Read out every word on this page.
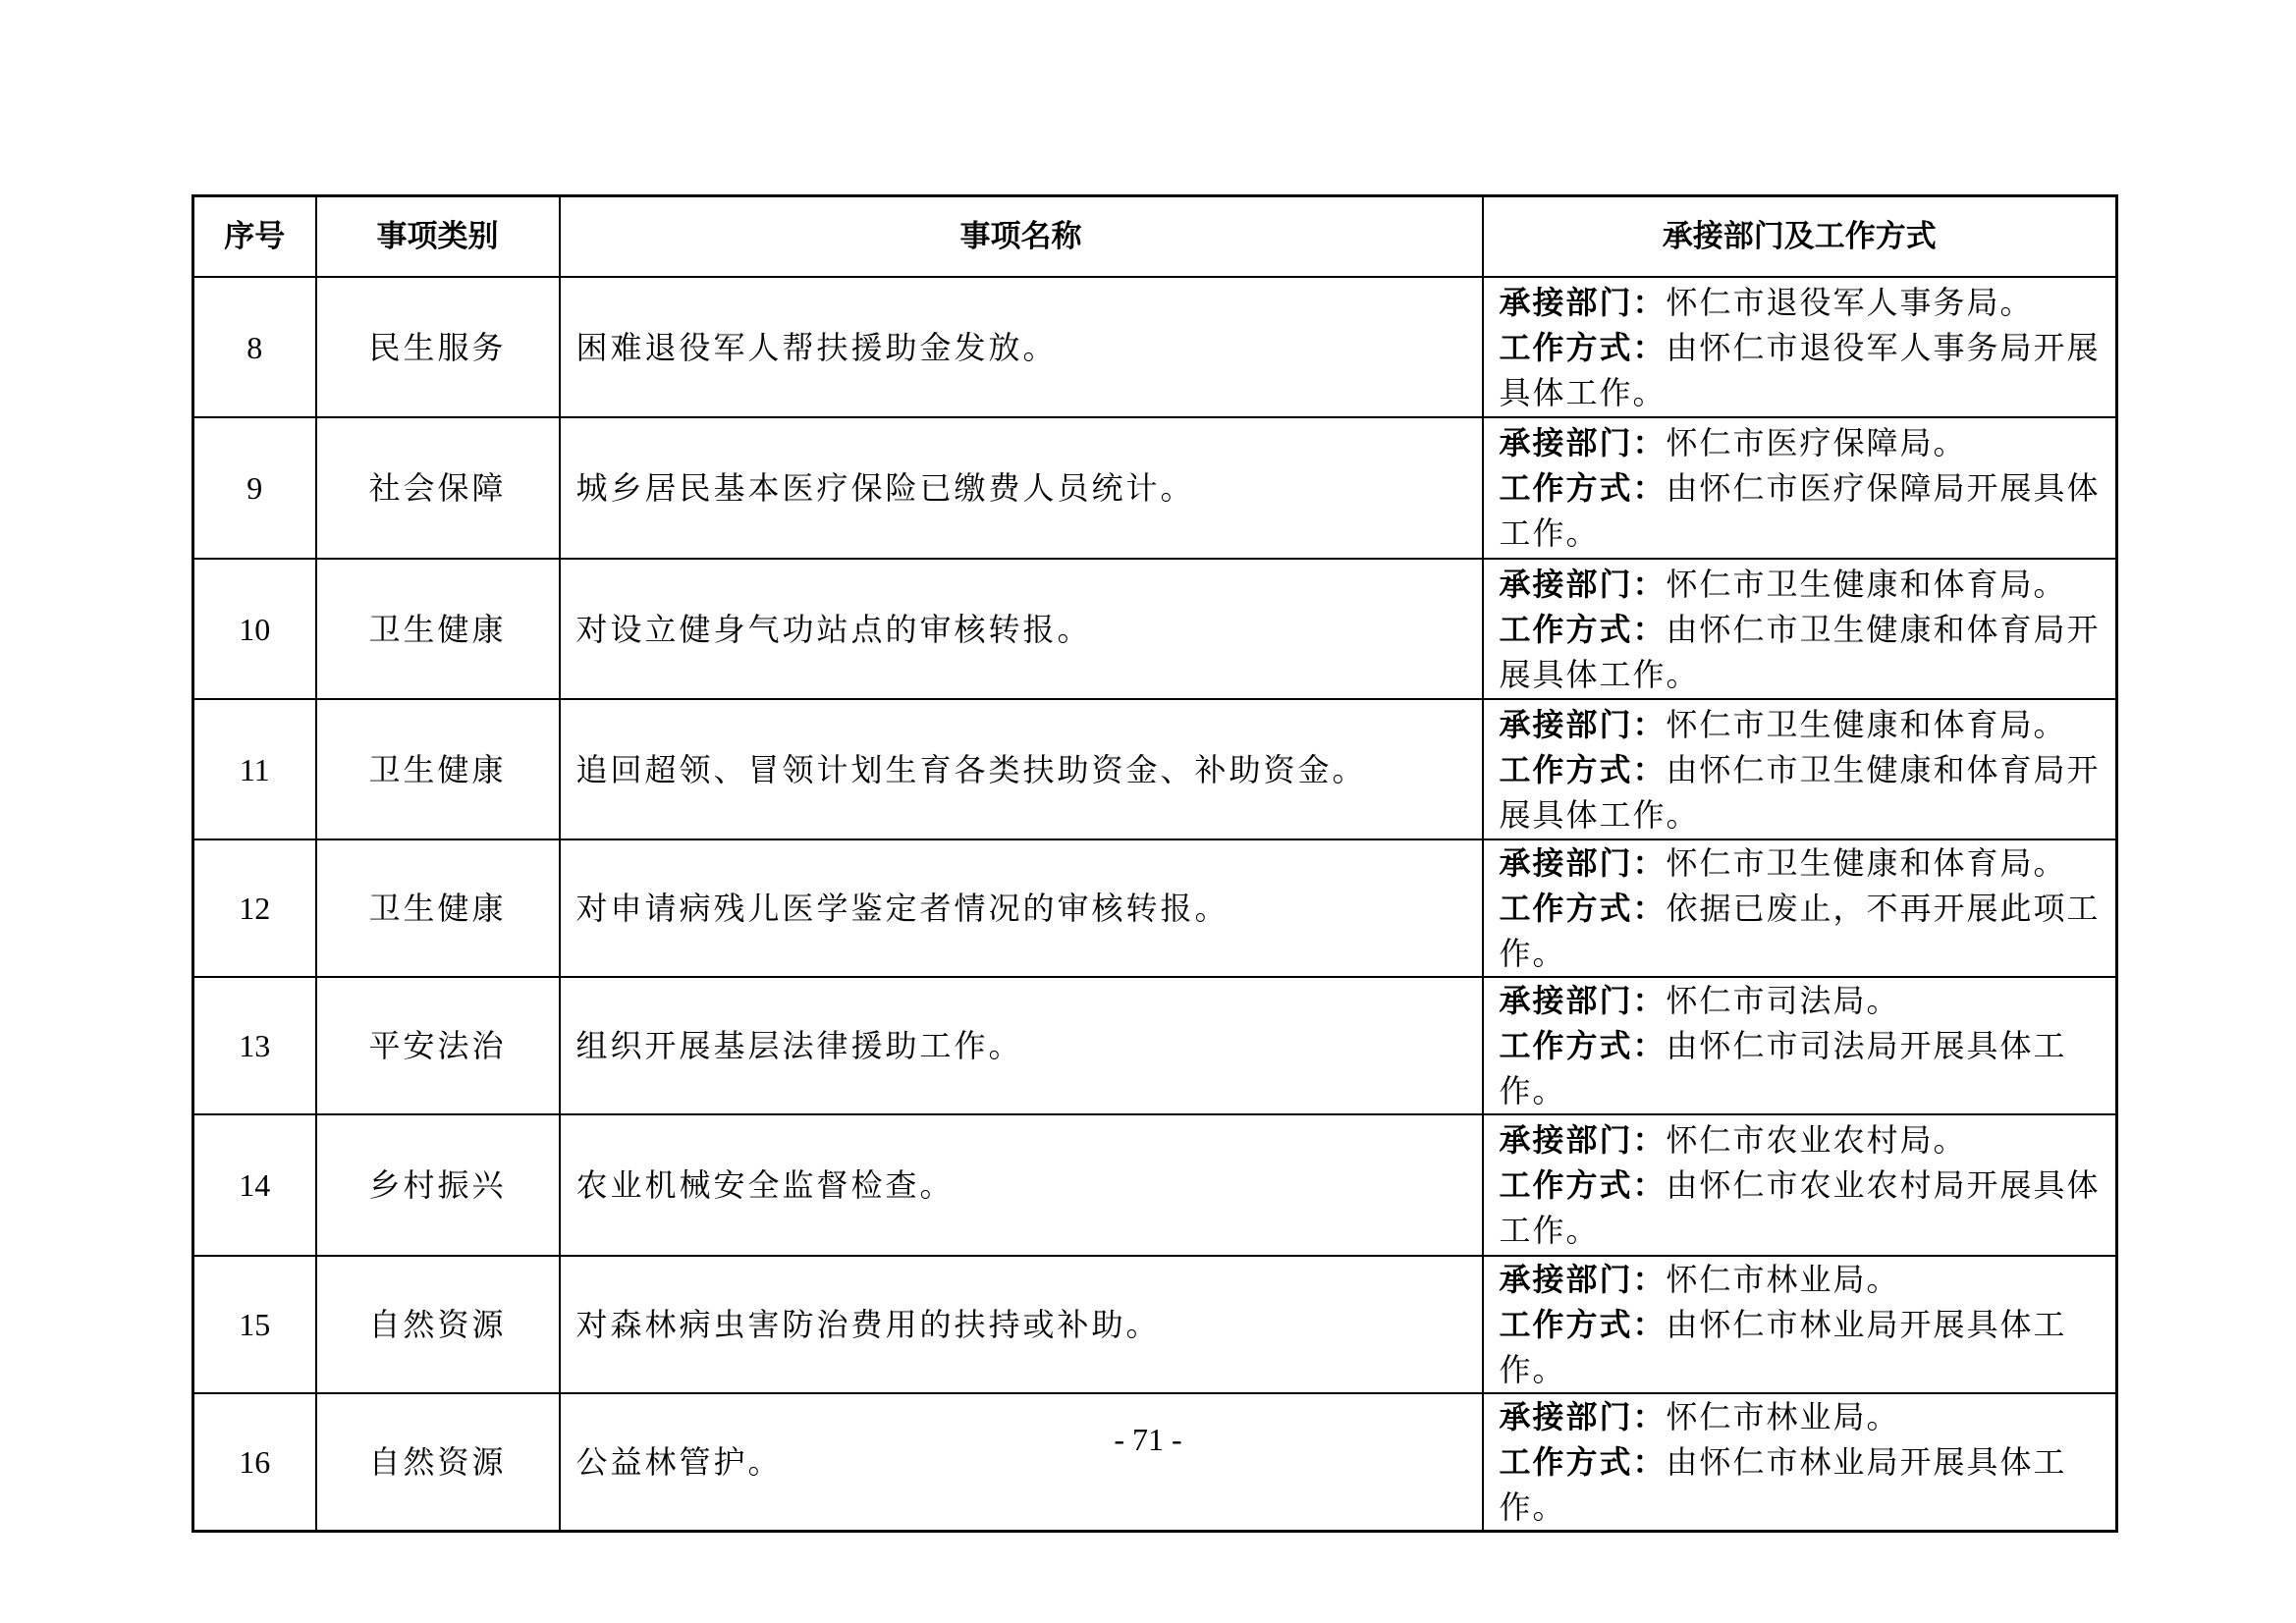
序号	事项类别	事项名称	承接部门及工作方式
8	民生服务	困难退役军人帮扶援助金发放。	承接部门：怀仁市退役军人事务局。
工作方式：由怀仁市退役军人事务局开展
具体工作。

9	社会保障	城乡居民基本医疗保险已缴费人员统计。	承接部门：怀仁市医疗保障局。
工作方式：由怀仁市医疗保障局开展具体
工作。

10	卫生健康	对设立健身气功站点的审核转报。	承接部门：怀仁市卫生健康和体育局。
工作方式：由怀仁市卫生健康和体育局开
展具体工作。

11	卫生健康	追回超领、冒领计划生育各类扶助资金、补助资金。	承接部门：怀仁市卫生健康和体育局。
工作方式：由怀仁市卫生健康和体育局开
展具体工作。

12	卫生健康	对申请病残儿医学鉴定者情况的审核转报。	承接部门：怀仁市卫生健康和体育局。
工作方式：依据已废止，不再开展此项工作。

13	平安法治	组织开展基层法律援助工作。	承接部门：怀仁市司法局。
工作方式：由怀仁市司法局开展具体工作。

14	乡村振兴	农业机械安全监督检查。	承接部门：怀仁市农业农村局。
工作方式：由怀仁市农业农村局开展具体
工作。

15	自然资源	对森林病虫害防治费用的扶持或补助。	承接部门：怀仁市林业局。
工作方式：由怀仁市林业局开展具体工作。

16	自然资源	公益林管护。	承接部门：怀仁市林业局。
工作方式：由怀仁市林业局开展具体工作。
- 71 -
